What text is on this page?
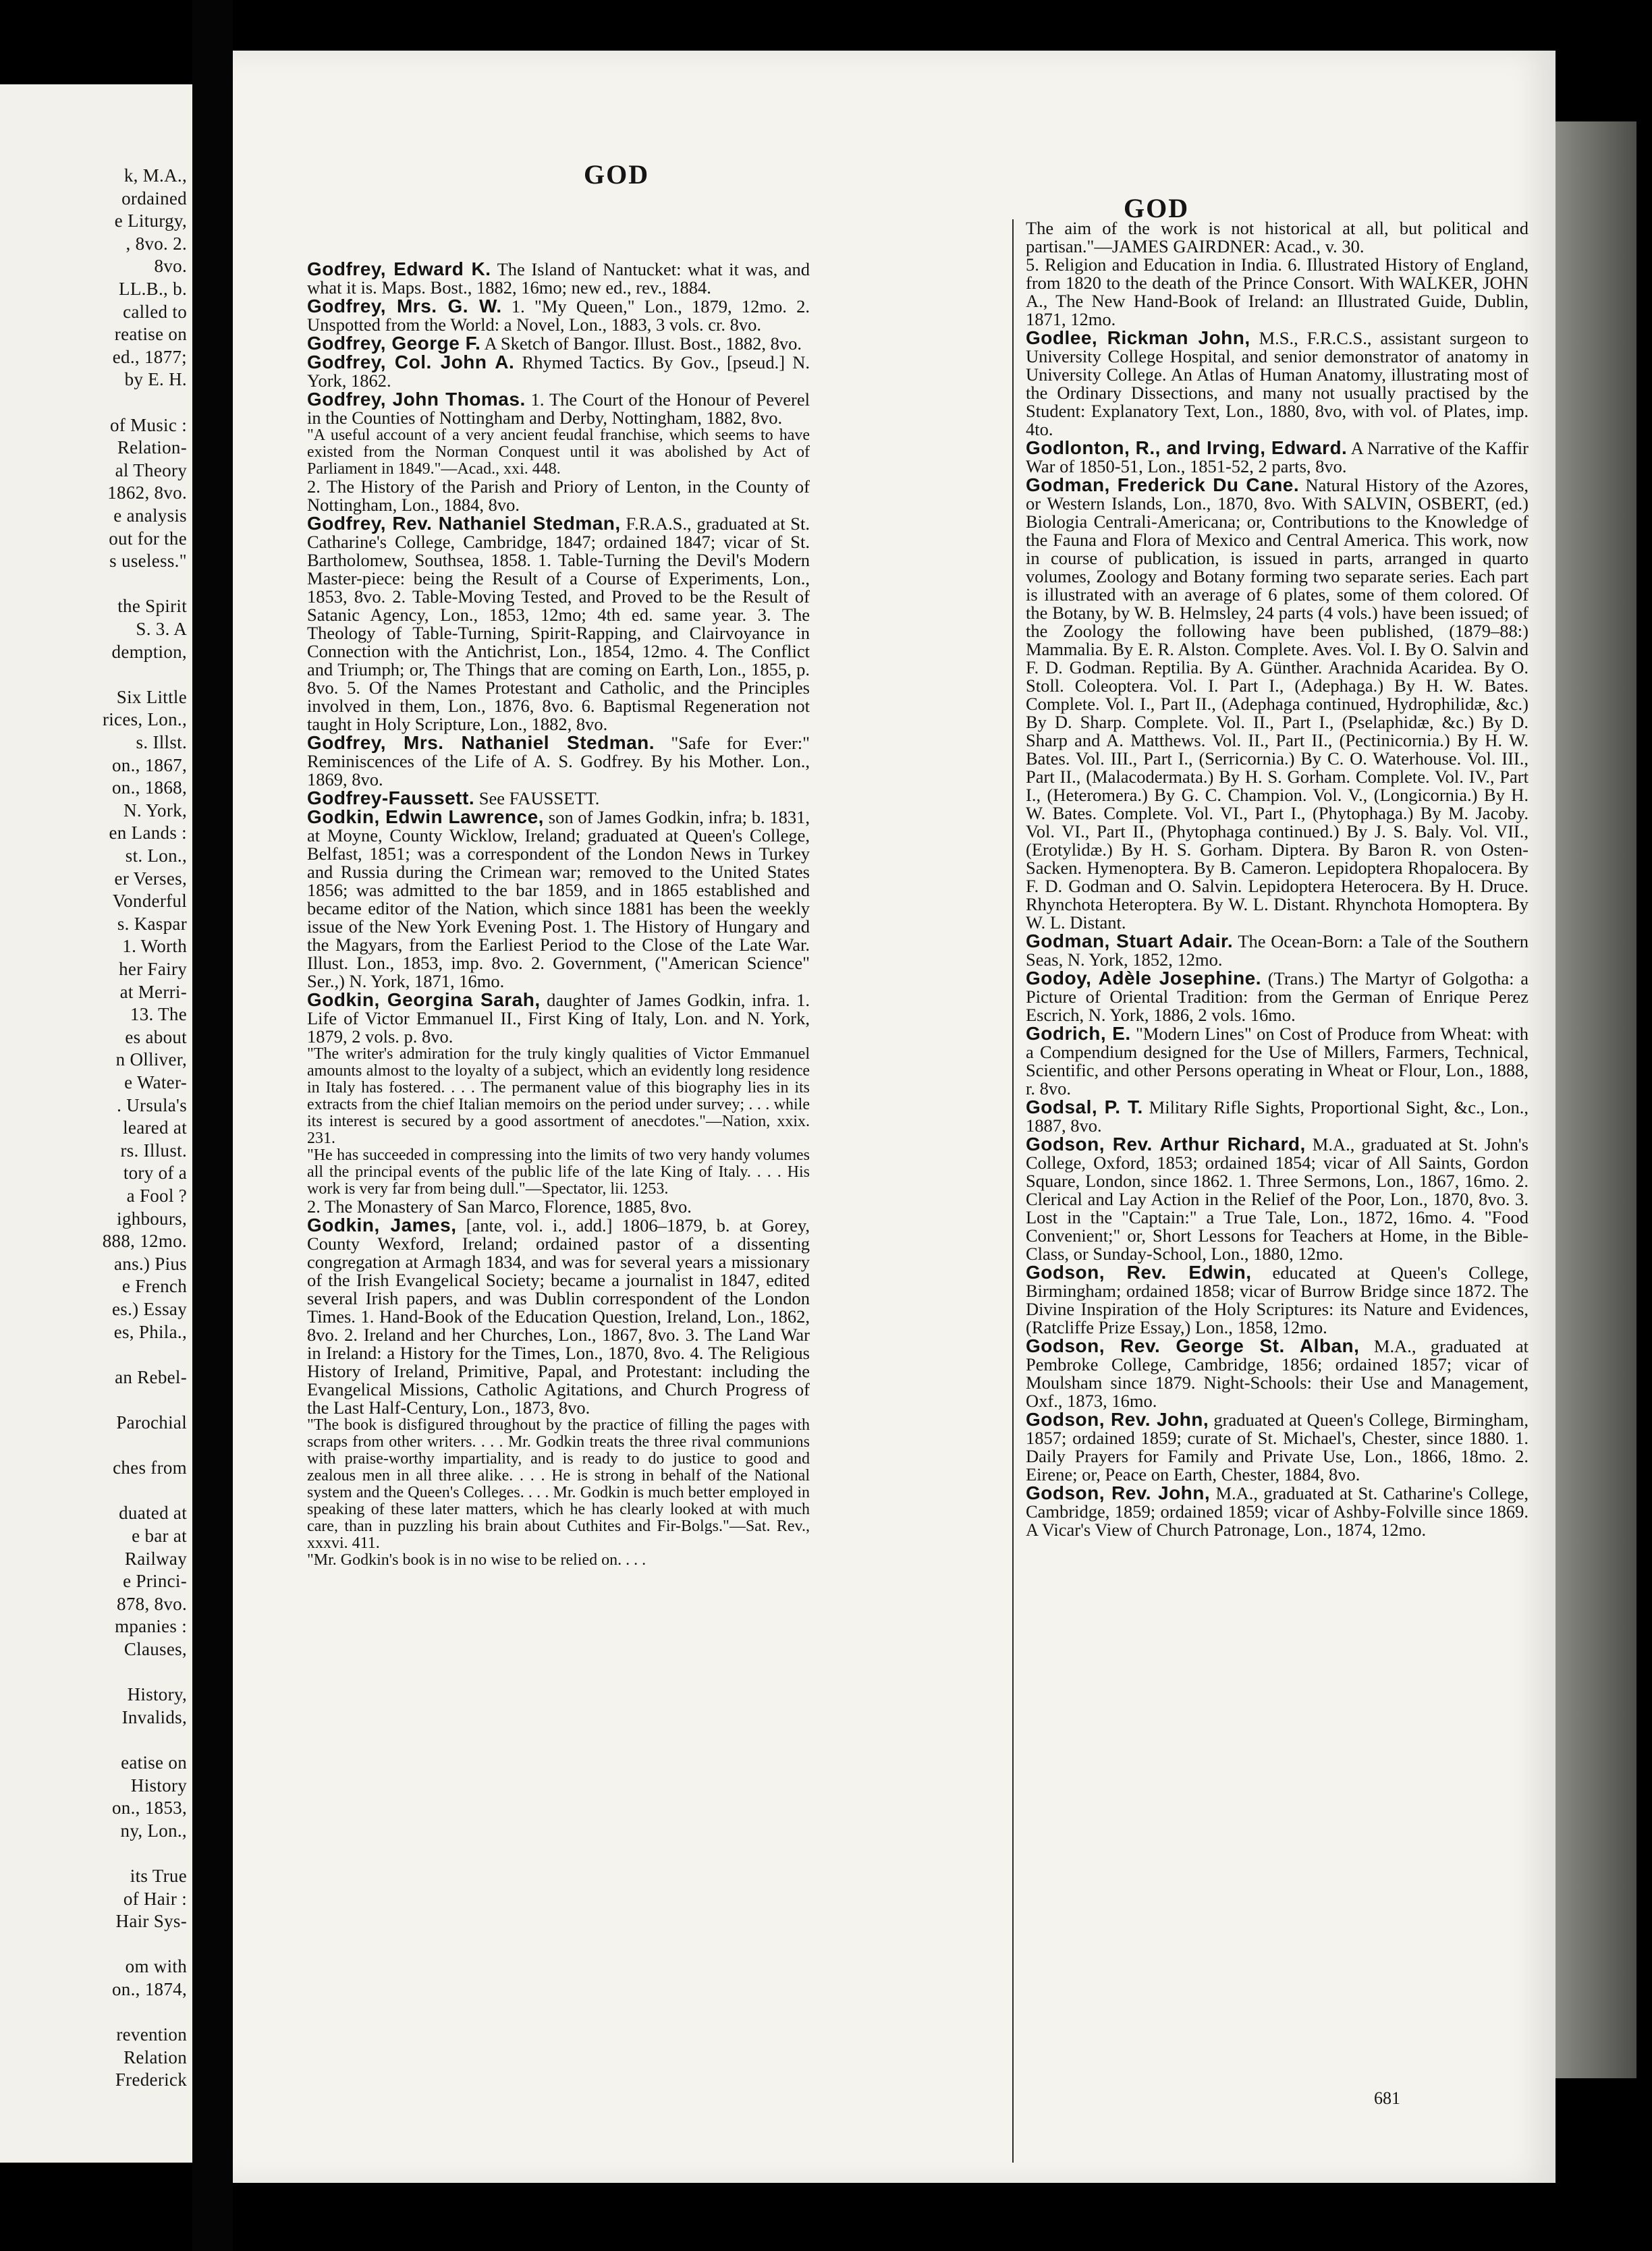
k, M.A.,
ordained
e Liturgy,
, 8vo. 2.
8vo.
LL.B., b.
called to
reatise on
ed., 1877;
by E. H.
of Music :
Relation-
al Theory
1862, 8vo.
e analysis
out for the
s useless."
the Spirit
S. 3. A
demption,
Six Little
rices, Lon.,
s. Illst.
on., 1867,
on., 1868,
N. York,
en Lands :
st. Lon.,
er Verses,
Vonderful
s. Kaspar
1. Worth
her Fairy
at Merri-
13. The
es about
n Olliver,
e Water-
. Ursula's
leared at
rs. Illust.
tory of a
a Fool ?
ighbours,
888, 12mo.
ans.) Pius
e French
es.) Essay
es, Phila.,
an Rebel-
Parochial
ches from
duated at
e bar at
Railway
e Princi-
878, 8vo.
mpanies :
Clauses,
History,
Invalids,
eatise on
History
on., 1853,
ny, Lon.,
its True
of Hair :
Hair Sys-
om with
on., 1874,
revention
Relation
Frederick
GOD
GOD

Godfrey, Edward K. The Island of Nantucket: what it was, and what it is. Maps. Bost., 1882, 16mo; new ed., rev., 1884.

Godfrey, Mrs. G. W. 1. "My Queen," Lon., 1879, 12mo. 2. Unspotted from the World: a Novel, Lon., 1883, 3 vols. cr. 8vo.

Godfrey, George F. A Sketch of Bangor. Illust. Bost., 1882, 8vo.

Godfrey, Col. John A. Rhymed Tactics. By Gov., [pseud.] N. York, 1862.

Godfrey, John Thomas. 1. The Court of the Honour of Peverel in the Counties of Nottingham and Derby, Nottingham, 1882, 8vo.

"A useful account of a very ancient feudal franchise, which seems to have existed from the Norman Conquest until it was abolished by Act of Parliament in 1849."—Acad., xxi. 448.

2. The History of the Parish and Priory of Lenton, in the County of Nottingham, Lon., 1884, 8vo.

Godfrey, Rev. Nathaniel Stedman, F.R.A.S., graduated at St. Catharine's College, Cambridge, 1847; ordained 1847; vicar of St. Bartholomew, Southsea, 1858. 1. Table-Turning the Devil's Modern Master-piece: being the Result of a Course of Experiments, Lon., 1853, 8vo. 2. Table-Moving Tested, and Proved to be the Result of Satanic Agency, Lon., 1853, 12mo; 4th ed. same year. 3. The Theology of Table-Turning, Spirit-Rapping, and Clairvoyance in Connection with the Antichrist, Lon., 1854, 12mo. 4. The Conflict and Triumph; or, The Things that are coming on Earth, Lon., 1855, p. 8vo. 5. Of the Names Protestant and Catholic, and the Principles involved in them, Lon., 1876, 8vo. 6. Baptismal Regeneration not taught in Holy Scripture, Lon., 1882, 8vo.

Godfrey, Mrs. Nathaniel Stedman. "Safe for Ever:" Reminiscences of the Life of A. S. Godfrey. By his Mother. Lon., 1869, 8vo.

Godfrey-Faussett. See FAUSSETT.

Godkin, Edwin Lawrence, son of James Godkin, infra; b. 1831, at Moyne, County Wicklow, Ireland; graduated at Queen's College, Belfast, 1851; was a correspondent of the London News in Turkey and Russia during the Crimean war; removed to the United States 1856; was admitted to the bar 1859, and in 1865 established and became editor of the Nation, which since 1881 has been the weekly issue of the New York Evening Post. 1. The History of Hungary and the Magyars, from the Earliest Period to the Close of the Late War. Illust. Lon., 1853, imp. 8vo. 2. Government, ("American Science" Ser.,) N. York, 1871, 16mo.

Godkin, Georgina Sarah, daughter of James Godkin, infra. 1. Life of Victor Emmanuel II., First King of Italy, Lon. and N. York, 1879, 2 vols. p. 8vo.

"The writer's admiration for the truly kingly qualities of Victor Emmanuel amounts almost to the loyalty of a subject, which an evidently long residence in Italy has fostered. . . . The permanent value of this biography lies in its extracts from the chief Italian memoirs on the period under survey; . . . while its interest is secured by a good assortment of anecdotes."—Nation, xxix. 231.

"He has succeeded in compressing into the limits of two very handy volumes all the principal events of the public life of the late King of Italy. . . . His work is very far from being dull."—Spectator, lii. 1253.

2. The Monastery of San Marco, Florence, 1885, 8vo.

Godkin, James, [ante, vol. i., add.] 1806–1879, b. at Gorey, County Wexford, Ireland; ordained pastor of a dissenting congregation at Armagh 1834, and was for several years a missionary of the Irish Evangelical Society; became a journalist in 1847, edited several Irish papers, and was Dublin correspondent of the London Times. 1. Hand-Book of the Education Question, Ireland, Lon., 1862, 8vo. 2. Ireland and her Churches, Lon., 1867, 8vo. 3. The Land War in Ireland: a History for the Times, Lon., 1870, 8vo. 4. The Religious History of Ireland, Primitive, Papal, and Protestant: including the Evangelical Missions, Catholic Agitations, and Church Progress of the Last Half-Century, Lon., 1873, 8vo.

"The book is disfigured throughout by the practice of filling the pages with scraps from other writers. . . . Mr. Godkin treats the three rival communions with praise-worthy impartiality, and is ready to do justice to good and zealous men in all three alike. . . . He is strong in behalf of the National system and the Queen's Colleges. . . . Mr. Godkin is much better employed in speaking of these later matters, which he has clearly looked at with much care, than in puzzling his brain about Cuthites and Fir-Bolgs."—Sat. Rev., xxxvi. 411.

"Mr. Godkin's book is in no wise to be relied on. . . .

The aim of the work is not historical at all, but political and partisan."—JAMES GAIRDNER: Acad., v. 30.

5. Religion and Education in India. 6. Illustrated History of England, from 1820 to the death of the Prince Consort. With WALKER, JOHN A., The New Hand-Book of Ireland: an Illustrated Guide, Dublin, 1871, 12mo.

Godlee, Rickman John, M.S., F.R.C.S., assistant surgeon to University College Hospital, and senior demonstrator of anatomy in University College. An Atlas of Human Anatomy, illustrating most of the Ordinary Dissections, and many not usually practised by the Student: Explanatory Text, Lon., 1880, 8vo, with vol. of Plates, imp. 4to.

Godlonton, R., and Irving, Edward. A Narrative of the Kaffir War of 1850-51, Lon., 1851-52, 2 parts, 8vo.

Godman, Frederick Du Cane. Natural History of the Azores, or Western Islands, Lon., 1870, 8vo. With SALVIN, OSBERT, (ed.) Biologia Centrali-Americana; or, Contributions to the Knowledge of the Fauna and Flora of Mexico and Central America. This work, now in course of publication, is issued in parts, arranged in quarto volumes, Zoology and Botany forming two separate series. Each part is illustrated with an average of 6 plates, some of them colored. Of the Botany, by W. B. Helmsley, 24 parts (4 vols.) have been issued; of the Zoology the following have been published, (1879–88:) Mammalia. By E. R. Alston. Complete. Aves. Vol. I. By O. Salvin and F. D. Godman. Reptilia. By A. Günther. Arachnida Acaridea. By O. Stoll. Coleoptera. Vol. I. Part I., (Adephaga.) By H. W. Bates. Complete. Vol. I., Part II., (Adephaga continued, Hydrophilidæ, &c.) By D. Sharp. Complete. Vol. II., Part I., (Pselaphidæ, &c.) By D. Sharp and A. Matthews. Vol. II., Part II., (Pectinicornia.) By H. W. Bates. Vol. III., Part I., (Serricornia.) By C. O. Waterhouse. Vol. III., Part II., (Malacodermata.) By H. S. Gorham. Complete. Vol. IV., Part I., (Heteromera.) By G. C. Champion. Vol. V., (Longicornia.) By H. W. Bates. Complete. Vol. VI., Part I., (Phytophaga.) By M. Jacoby. Vol. VI., Part II., (Phytophaga continued.) By J. S. Baly. Vol. VII., (Erotylidæ.) By H. S. Gorham. Diptera. By Baron R. von Osten-Sacken. Hymenoptera. By B. Cameron. Lepidoptera Rhopalocera. By F. D. Godman and O. Salvin. Lepidoptera Heterocera. By H. Druce. Rhynchota Heteroptera. By W. L. Distant. Rhynchota Homoptera. By W. L. Distant.

Godman, Stuart Adair. The Ocean-Born: a Tale of the Southern Seas, N. York, 1852, 12mo.

Godoy, Adèle Josephine. (Trans.) The Martyr of Golgotha: a Picture of Oriental Tradition: from the German of Enrique Perez Escrich, N. York, 1886, 2 vols. 16mo.

Godrich, E. "Modern Lines" on Cost of Produce from Wheat: with a Compendium designed for the Use of Millers, Farmers, Technical, Scientific, and other Persons operating in Wheat or Flour, Lon., 1888, r. 8vo.

Godsal, P. T. Military Rifle Sights, Proportional Sight, &c., Lon., 1887, 8vo.

Godson, Rev. Arthur Richard, M.A., graduated at St. John's College, Oxford, 1853; ordained 1854; vicar of All Saints, Gordon Square, London, since 1862. 1. Three Sermons, Lon., 1867, 16mo. 2. Clerical and Lay Action in the Relief of the Poor, Lon., 1870, 8vo. 3. Lost in the "Captain:" a True Tale, Lon., 1872, 16mo. 4. "Food Convenient;" or, Short Lessons for Teachers at Home, in the Bible-Class, or Sunday-School, Lon., 1880, 12mo.

Godson, Rev. Edwin, educated at Queen's College, Birmingham; ordained 1858; vicar of Burrow Bridge since 1872. The Divine Inspiration of the Holy Scriptures: its Nature and Evidences, (Ratcliffe Prize Essay,) Lon., 1858, 12mo.

Godson, Rev. George St. Alban, M.A., graduated at Pembroke College, Cambridge, 1856; ordained 1857; vicar of Moulsham since 1879. Night-Schools: their Use and Management, Oxf., 1873, 16mo.

Godson, Rev. John, graduated at Queen's College, Birmingham, 1857; ordained 1859; curate of St. Michael's, Chester, since 1880. 1. Daily Prayers for Family and Private Use, Lon., 1866, 18mo. 2. Eirene; or, Peace on Earth, Chester, 1884, 8vo.

Godson, Rev. John, M.A., graduated at St. Catharine's College, Cambridge, 1859; ordained 1859; vicar of Ashby-Folville since 1869. A Vicar's View of Church Patronage, Lon., 1874, 12mo.

681
